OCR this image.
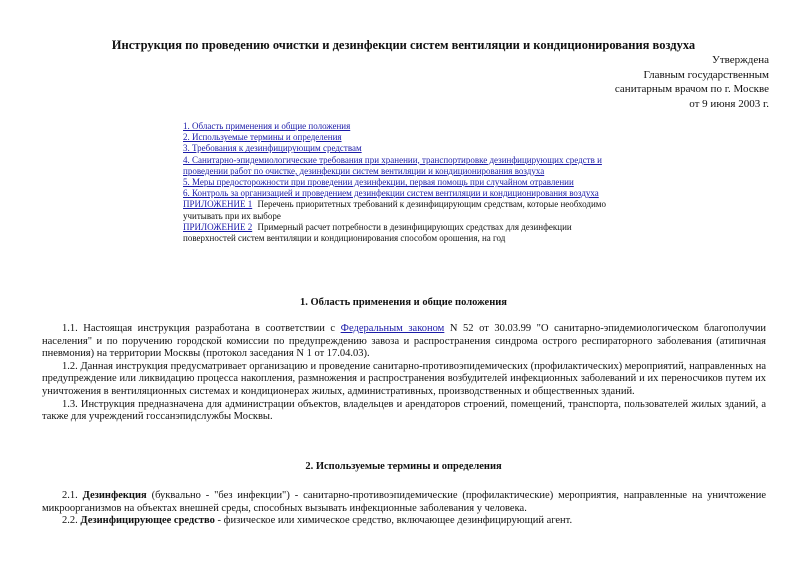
Инструкция по проведению очистки и дезинфекции систем вентиляции и кондиционирования воздуха
Утверждена
Главным государственным
санитарным врачом по г. Москве
от 9 июня 2003 г.
1. Область применения и общие положения
2. Используемые термины и определения
3. Требования к дезинфицирующим средствам
4. Санитарно-эпидемиологические требования при хранении, транспортировке дезинфицирующих средств и проведении работ по очистке, дезинфекции систем вентиляции и кондиционирования воздуха
5. Меры предосторожности при проведении дезинфекции, первая помощь при случайном отравлении
6. Контроль за организацией и проведением дезинфекции систем вентиляции и кондиционирования воздуха
ПРИЛОЖЕНИЕ 1 Перечень приоритетных требований к дезинфицирующим средствам, которые необходимо учитывать при их выборе
ПРИЛОЖЕНИЕ 2 Примерный расчет потребности в дезинфицирующих средствах для дезинфекции поверхностей систем вентиляции и кондиционирования способом орошения, на год
1. Область применения и общие положения

1.1. Настоящая инструкция разработана в соответствии с Федеральным законом N 52 от 30.03.99 "О санитарно-эпидемиологическом благополучии населения" и по поручению городской комиссии по предупреждению завоза и распространения синдрома острого респираторного заболевания (атипичная пневмония) на территории Москвы (протокол заседания N 1 от 17.04.03).

1.2. Данная инструкция предусматривает организацию и проведение санитарно-противоэпидемических (профилактических) мероприятий, направленных на предупреждение или ликвидацию процесса накопления, размножения и распространения возбудителей инфекционных заболеваний и их переносчиков путем их уничтожения в вентиляционных системах и кондиционерах жилых, административных, производственных и общественных зданий.

1.3. Инструкция предназначена для администрации объектов, владельцев и арендаторов строений, помещений, транспорта, пользователей жилых зданий, а также для учреждений госсанэпидслужбы Москвы.

2. Используемые термины и определения

2.1. Дезинфекция (буквально - "без инфекции") - санитарно-противоэпидемические (профилактические) мероприятия, направленные на уничтожение микроорганизмов на объектах внешней среды, способных вызывать инфекционные заболевания у человека.

2.2. Дезинфицирующее средство - физическое или химическое средство, включающее дезинфицирующий агент.
